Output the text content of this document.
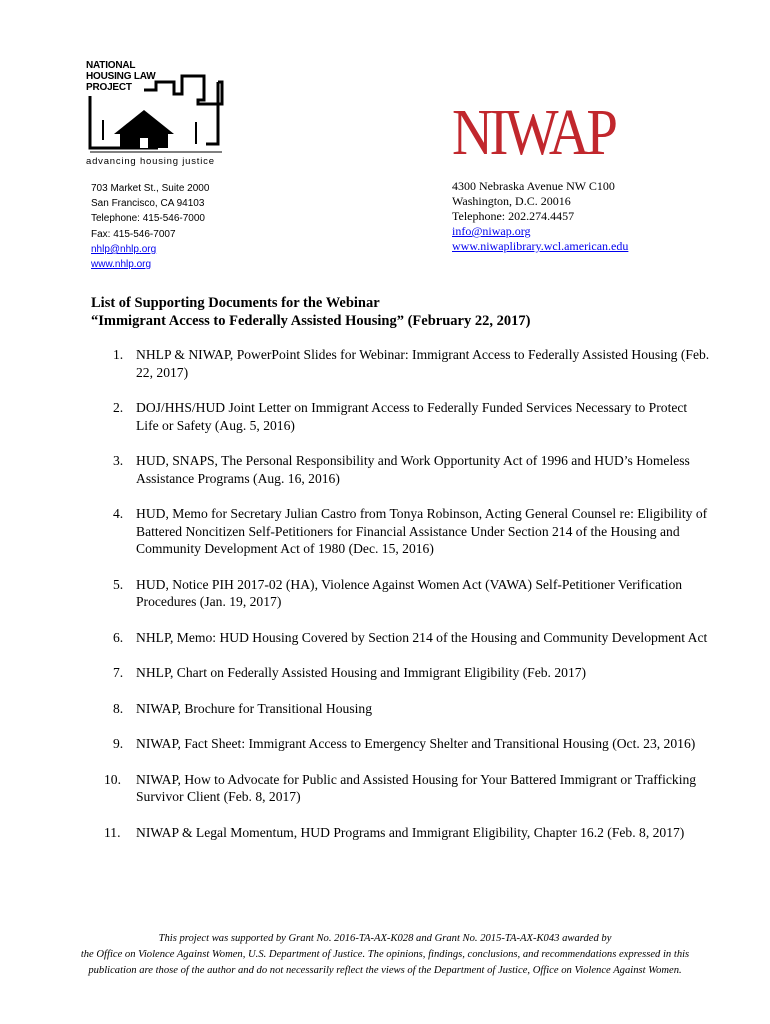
NATIONAL
HOUSING LAW
PROJECT
advancing housing justice	NIWAP
703 Market St., Suite 2000
San Francisco, CA 94103
Telephone: 415-546-7000
Fax: 415-546-7007
nhlp@nhlp.org
www.nhlp.org
4300 Nebraska Avenue NW C100
Washington, D.C. 20016
Telephone: 202.274.4457
info@niwap.org
www.niwaplibrary.wcl.american.edu
List of Supporting Documents for the Webinar
“Immigrant Access to Federally Assisted Housing” (February 22, 2017)
1. NHLP & NIWAP, PowerPoint Slides for Webinar: Immigrant Access to Federally Assisted Housing (Feb. 22, 2017)
2. DOJ/HHS/HUD Joint Letter on Immigrant Access to Federally Funded Services Necessary to Protect Life or Safety (Aug. 5, 2016)
3. HUD, SNAPS, The Personal Responsibility and Work Opportunity Act of 1996 and HUD’s Homeless Assistance Programs (Aug. 16, 2016)
4. HUD, Memo for Secretary Julian Castro from Tonya Robinson, Acting General Counsel re: Eligibility of Battered Noncitizen Self-Petitioners for Financial Assistance Under Section 214 of the Housing and Community Development Act of 1980 (Dec. 15, 2016)
5. HUD, Notice PIH 2017-02 (HA), Violence Against Women Act (VAWA) Self-Petitioner Verification Procedures (Jan. 19, 2017)
6. NHLP, Memo: HUD Housing Covered by Section 214 of the Housing and Community Development Act
7. NHLP, Chart on Federally Assisted Housing and Immigrant Eligibility (Feb. 2017)
8. NIWAP, Brochure for Transitional Housing
9. NIWAP, Fact Sheet: Immigrant Access to Emergency Shelter and Transitional Housing (Oct. 23, 2016)
10. NIWAP, How to Advocate for Public and Assisted Housing for Your Battered Immigrant or Trafficking Survivor Client (Feb. 8, 2017)
11. NIWAP & Legal Momentum, HUD Programs and Immigrant Eligibility, Chapter 16.2 (Feb. 8, 2017)
This project was supported by Grant No. 2016-TA-AX-K028 and Grant No. 2015-TA-AX-K043 awarded by
the Office on Violence Against Women, U.S. Department of Justice. The opinions, findings, conclusions, and recommendations expressed in this
publication are those of the author and do not necessarily reflect the views of the Department of Justice, Office on Violence Against Women.
